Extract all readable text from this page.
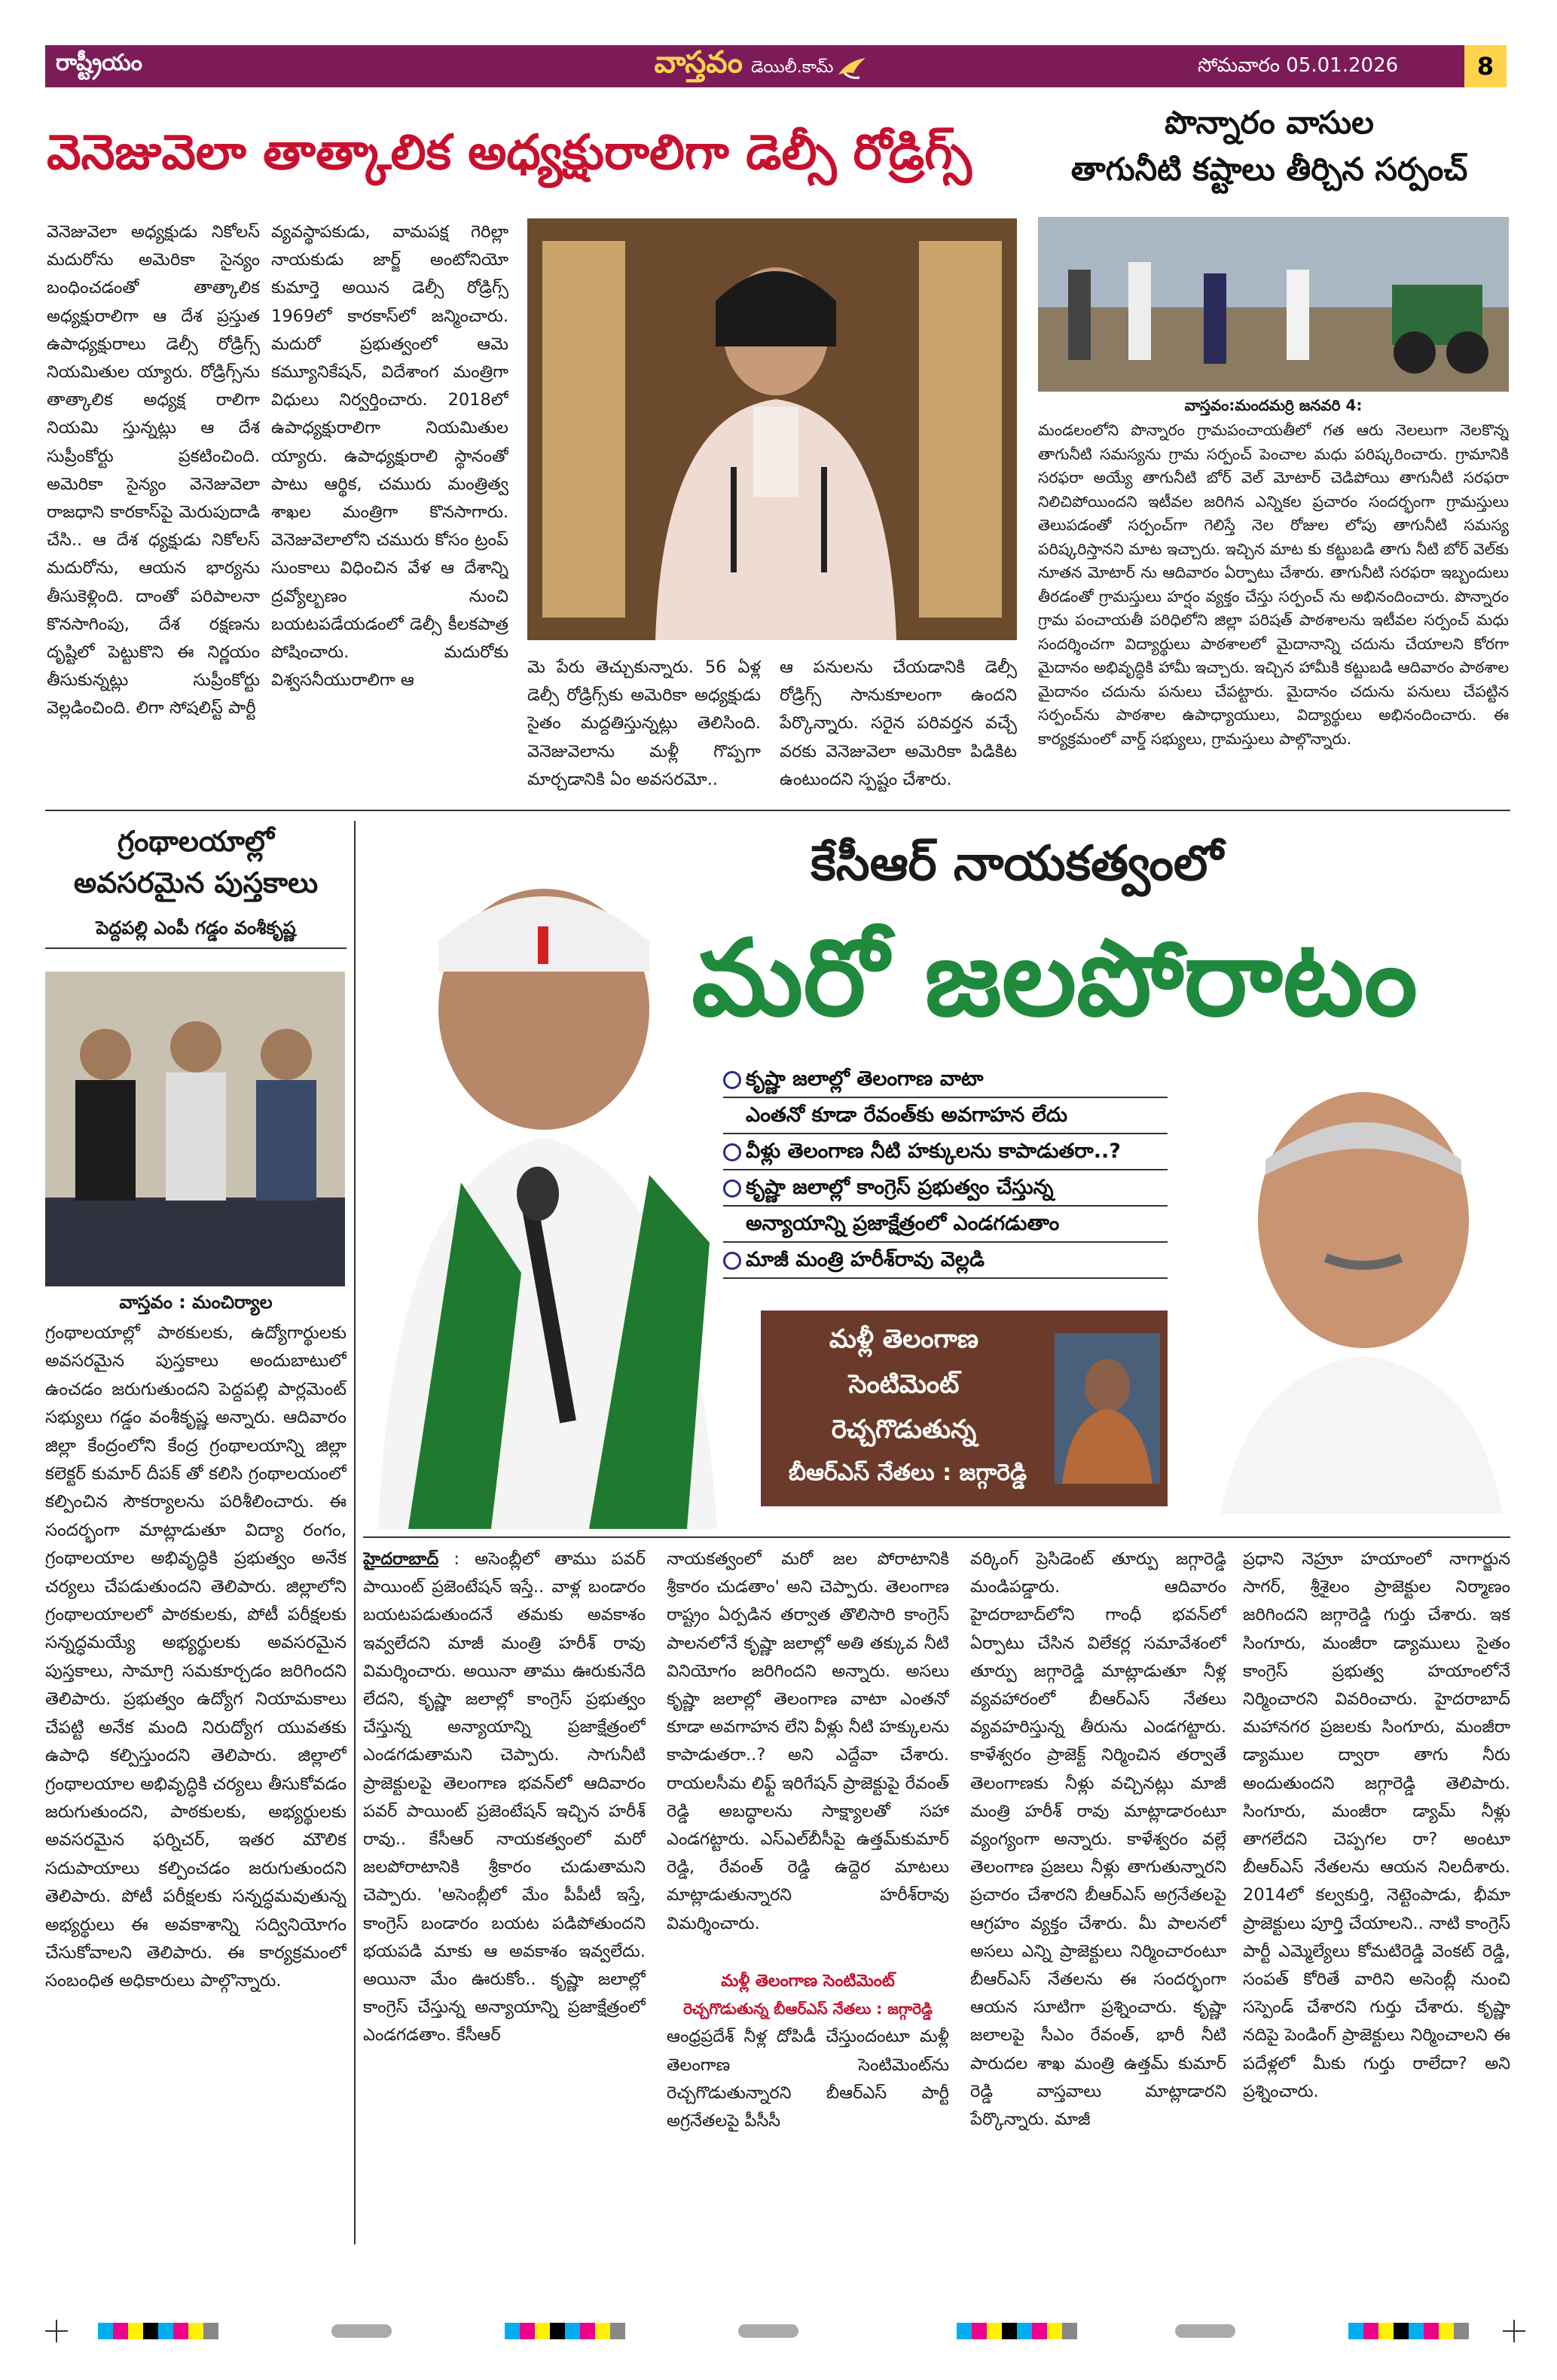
రాష్ట్రీయం	వాస్తవం డెయిలీ.కామ్	సోమవారం 05.01.2026	8
వెనెజువెలా తాత్కాలిక అధ్యక్షురాలిగా డెల్సీ రోడ్రిగ్స్
వెనెజువెలా అధ్యక్షుడు నికోలస్ మదురోను అమెరికా సైన్యం బంధించడంతో తాత్కాలిక అధ్యక్షురాలిగా ఆ దేశ ప్రస్తుత ఉపాధ్యక్షురాలు డెల్సీ రోడ్రిగ్స్ నియమితుల య్యారు. రోడ్రిగ్స్‌ను తాత్కాలిక అధ్యక్ష రాలిగా నియమి స్తున్నట్లు ఆ దేశ సుప్రీంకోర్టు ప్రకటించింది. అమెరికా సైన్యం వెనెజువెలా రాజధాని కారకాస్‌పై మెరుపుదాడి చేసి.. ఆ దేశ ధ్యక్షుడు నికోలస్ మదురోను, ఆయన భార్యను తీసుకెళ్లింది. దాంతో పరిపాలనా కొనసాగింపు, దేశ రక్షణను దృష్టిలో పెట్టుకొని ఈ నిర్ణయం తీసుకున్నట్లు సుప్రీంకోర్టు వెల్లడించింది. లిగా సోషలిస్ట్ పార్టీ
వ్యవస్థాపకుడు, వామపక్ష గెరిల్లా నాయకుడు జార్జ్ అంటోనియో కుమార్తె అయిన డెల్సీ రోడ్రిగ్స్ 1969లో కారకాస్‌లో జన్మించారు. మదురో ప్రభుత్వంలో ఆమె కమ్యూనికేషన్, విదేశాంగ మంత్రిగా విధులు నిర్వర్తించారు. 2018లో ఉపాధ్యక్షురాలిగా నియమితుల య్యారు. ఉపాధ్యక్షురాలి స్థానంతో పాటు ఆర్థిక, చమురు మంత్రిత్వ శాఖల మంత్రిగా కొనసాగారు. వెనెజువెలాలోని చమురు కోసం ట్రంప్ సుంకాలు విధించిన వేళ ఆ దేశాన్ని ద్రవ్యోల్బణం నుంచి బయటపడేయడంలో డెల్సీ కీలకపాత్ర పోషించారు. మదురోకు విశ్వసనీయురాలిగా ఆ
మె పేరు తెచ్చుకున్నారు. 56 ఏళ్ల డెల్సీ రోడ్రిగ్స్‌కు అమెరికా అధ్యక్షుడు సైతం మద్దతిస్తున్నట్లు తెలిసింది. వెనెజువెలాను మళ్లీ గొప్పగా మార్చడానికి ఏం అవసరమో..
ఆ పనులను చేయడానికి డెల్సీ రోడ్రిగ్స్ సానుకూలంగా ఉందని పేర్కొన్నారు. సరైన పరివర్తన వచ్చే వరకు వెనెజువెలా అమెరికా పిడికిట ఉంటుందని స్పష్టం చేశారు.
పొన్నారం వాసుల
తాగునీటి కష్టాలు తీర్చిన సర్పంచ్
వాస్తవం:మందమర్రి జనవరి 4:
మండలంలోని పొన్నారం గ్రామపంచాయతీలో గత ఆరు నెలలుగా నెలకొన్న తాగునీటి సమస్యను గ్రామ సర్పంచ్ పెంచాల మధు పరిష్కరించారు. గ్రామానికి సరఫరా అయ్యే తాగునీటి బోర్ వెల్ మోటార్ చెడిపోయి తాగునీటి సరఫరా నిలిచిపోయిందని ఇటీవల జరిగిన ఎన్నికల ప్రచారం సందర్భంగా గ్రామస్తులు తెలుపడంతో సర్పంచ్‌గా గెలిస్తే నెల రోజుల లోపు తాగునీటి సమస్య పరిష్కరిస్తానని మాట ఇచ్చారు. ఇచ్చిన మాట కు కట్టుబడి తాగు నీటి బోర్ వెల్‌కు నూతన మోటార్ ను ఆదివారం ఏర్పాటు చేశారు. తాగునీటి సరఫరా ఇబ్బందులు తీరడంతో గ్రామస్తులు హర్షం వ్యక్తం చేస్తు సర్పంచ్ ను అభినందించారు. పొన్నారం గ్రామ పంచాయతీ పరిధిలోని జిల్లా పరిషత్ పాఠశాలను ఇటీవల సర్పంచ్ మధు సందర్శించగా విద్యార్థులు పాఠశాలలో మైదానాన్ని చదును చేయాలని కోరగా మైదానం అభివృద్ధికి హామీ ఇచ్చారు. ఇచ్చిన హామీకి కట్టుబడి ఆదివారం పాఠశాల మైదానం చదును పనులు చేపట్టారు. మైదానం చదును పనులు చేపట్టిన సర్పంచ్‌ను పాఠశాల ఉపాధ్యాయులు, విద్యార్థులు అభినందించారు. ఈ కార్యక్రమంలో వార్డ్ సభ్యులు, గ్రామస్తులు పాల్గొన్నారు.
గ్రంథాలయాల్లో
అవసరమైన పుస్తకాలు
పెద్దపల్లి ఎంపీ గడ్డం వంశీకృష్ణ
వాస్తవం : మంచిర్యాల
గ్రంథాలయాల్లో పాఠకులకు, ఉద్యోగార్థులకు అవసరమైన పుస్తకాలు అందుబాటులో ఉంచడం జరుగుతుందని పెద్దపల్లి పార్లమెంట్ సభ్యులు గడ్డం వంశీకృష్ణ అన్నారు. ఆదివారం జిల్లా కేంద్రంలోని కేంద్ర గ్రంథాలయాన్ని జిల్లా కలెక్టర్ కుమార్ దీపక్ తో కలిసి గ్రంథాలయంలో కల్పించిన సౌకర్యాలను పరిశీలించారు. ఈ సందర్భంగా మాట్లాడుతూ విద్యా రంగం, గ్రంథాలయాల అభివృద్ధికి ప్రభుత్వం అనేక చర్యలు చేపడుతుందని తెలిపారు. జిల్లాలోని గ్రంథాలయాలలో పాఠకులకు, పోటీ పరీక్షలకు సన్నద్ధమయ్యే అభ్యర్థులకు అవసరమైన పుస్తకాలు, సామాగ్రి సమకూర్చడం జరిగిందని తెలిపారు. ప్రభుత్వం ఉద్యోగ నియామకాలు చేపట్టి అనేక మంది నిరుద్యోగ యువతకు ఉపాధి కల్పిస్తుందని తెలిపారు. జిల్లాలో గ్రంథాలయాల అభివృద్ధికి చర్యలు తీసుకోవడం జరుగుతుందని, పాఠకులకు, అభ్యర్థులకు అవసరమైన ఫర్నిచర్, ఇతర మౌలిక సదుపాయాలు కల్పించడం జరుగుతుందని తెలిపారు. పోటీ పరీక్షలకు సన్నద్ధమవుతున్న అభ్యర్థులు ఈ అవకాశాన్ని సద్వినియోగం చేసుకోవాలని తెలిపారు. ఈ కార్యక్రమంలో సంబంధిత అధికారులు పాల్గొన్నారు.
కేసీఆర్ నాయకత్వంలో
మరో జలపోరాటం
కృష్ణా జలాల్లో తెలంగాణ వాటా
ఎంతనో కూడా రేవంత్‌కు అవగాహన లేదు
వీళ్లు తెలంగాణ నీటి హక్కులను కాపాడుతరా..?
కృష్ణా జలాల్లో కాంగ్రెస్ ప్రభుత్వం చేస్తున్న
అన్యాయాన్ని ప్రజాక్షేత్రంలో ఎండగడుతాం
మాజీ మంత్రి హరీశ్‌రావు వెల్లడి
మళ్లీ తెలంగాణ
సెంటిమెంట్
రెచ్చగొడుతున్న
బీఆర్‌ఎస్ నేతలు : జగ్గారెడ్డి
హైదరాబాద్ : అసెంబ్లీలో తాము పవర్ పాయింట్ ప్రజెంటేషన్ ఇస్తే.. వాళ్ల బండారం బయటపడుతుందనే తమకు అవకాశం ఇవ్వలేదని మాజీ మంత్రి హరీశ్ రావు విమర్శించారు. అయినా తాము ఊరుకునేది లేదని, కృష్ణా జలాల్లో కాంగ్రెస్ ప్రభుత్వం చేస్తున్న అన్యాయాన్ని ప్రజాక్షేత్రంలో ఎండగడుతామని చెప్పారు. సాగునీటి ప్రాజెక్టులపై తెలంగాణ భవన్‌లో ఆదివారం పవర్ పాయింట్ ప్రజెంటేషన్ ఇచ్చిన హరీశ్ రావు.. కేసీఆర్ నాయకత్వంలో మరో జలపోరాటానికి శ్రీకారం చుడుతామని చెప్పారు. 'అసెంబ్లీలో మేం పీపీటీ ఇస్తే, కాంగ్రెస్ బండారం బయట పడిపోతుందని భయపడి మాకు ఆ అవకాశం ఇవ్వలేదు. అయినా మేం ఊరుకోం.. కృష్ణా జలాల్లో కాంగ్రెస్ చేస్తున్న అన్యాయాన్ని ప్రజాక్షేత్రంలో ఎండగడతాం. కేసీఆర్
నాయకత్వంలో మరో జల పోరాటానికి శ్రీకారం చుడతాం' అని చెప్పారు. తెలంగాణ రాష్ట్రం ఏర్పడిన తర్వాత తొలిసారి కాంగ్రెస్ పాలనలోనే కృష్ణా జలాల్లో అతి తక్కువ నీటి వినియోగం జరిగిందని అన్నారు. అసలు కృష్ణా జలాల్లో తెలంగాణ వాటా ఎంతనో కూడా అవగాహన లేని వీళ్లు నీటి హక్కులను కాపాడుతరా..? అని ఎద్దేవా చేశారు. రాయలసీమ లిఫ్ట్ ఇరిగేషన్ ప్రాజెక్టుపై రేవంత్ రెడ్డి అబద్ధాలను సాక్ష్యాలతో సహా ఎండగట్టారు. ఎస్‌ఎల్‌బీసీపై ఉత్తమ్‌కుమార్ రెడ్డి, రేవంత్ రెడ్డి ఉద్దెర మాటలు మాట్లాడుతున్నారని హరీశ్‌రావు విమర్శించారు.
మళ్లీ తెలంగాణ సెంటిమెంట్
రెచ్చగొడుతున్న బీఆర్‌ఎస్ నేతలు : జగ్గారెడ్డి
ఆంధ్రప్రదేశ్ నీళ్ల దోపిడీ చేస్తుందంటూ మళ్లీ తెలంగాణ సెంటిమెంట్‌ను రెచ్చగొడుతున్నారని బీఆర్‌ఎస్ పార్టీ అగ్రనేతలపై పీసీసీ
వర్కింగ్ ప్రెసిడెంట్ తూర్పు జగ్గారెడ్డి మండిపడ్డారు. ఆదివారం హైదరాబాద్‌లోని గాంధీ భవన్‌లో ఏర్పాటు చేసిన విలేకర్ల సమావేశంలో తూర్పు జగ్గారెడ్డి మాట్లాడుతూ నీళ్ల వ్యవహారంలో బీఆర్‌ఎస్ నేతలు వ్యవహరిస్తున్న తీరును ఎండగట్టారు. కాళేశ్వరం ప్రాజెక్ట్ నిర్మించిన తర్వాతే తెలంగాణకు నీళ్లు వచ్చినట్లు మాజీ మంత్రి హరీశ్ రావు మాట్లాడారంటూ వ్యంగ్యంగా అన్నారు. కాళేశ్వరం వల్లే తెలంగాణ ప్రజలు నీళ్లు తాగుతున్నారని ప్రచారం చేశారని బీఆర్‌ఎస్ అగ్రనేతలపై ఆగ్రహం వ్యక్తం చేశారు. మీ పాలనలో అసలు ఎన్ని ప్రాజెక్టులు నిర్మించారంటూ బీఆర్‌ఎస్ నేతలను ఈ సందర్భంగా ఆయన సూటిగా ప్రశ్నించారు. కృష్ణా జలాలపై సీఎం రేవంత్, భారీ నీటి పారుదల శాఖ మంత్రి ఉత్తమ్ కుమార్ రెడ్డి వాస్తవాలు మాట్లాడారని పేర్కొన్నారు. మాజీ
ప్రధాని నెహ్రూ హయాంలో నాగార్జున సాగర్, శ్రీశైలం ప్రాజెక్టుల నిర్మాణం జరిగిందని జగ్గారెడ్డి గుర్తు చేశారు. ఇక సింగూరు, మంజీరా డ్యాములు సైతం కాంగ్రెస్ ప్రభుత్వ హయాంలోనే నిర్మించారని వివరించారు. హైదరాబాద్ మహానగర ప్రజలకు సింగూరు, మంజీరా డ్యాముల ద్వారా తాగు నీరు అందుతుందని జగ్గారెడ్డి తెలిపారు. సింగూరు, మంజీరా డ్యామ్ నీళ్లు తాగలేదని చెప్పగల రా? అంటూ బీఆర్‌ఎస్ నేతలను ఆయన నిలదీశారు. 2014లో కల్వకుర్తి, నెట్టెంపాడు, భీమా ప్రాజెక్టులు పూర్తి చేయాలని.. నాటి కాంగ్రెస్ పార్టీ ఎమ్మెల్యేలు కోమటిరెడ్డి వెంకట్ రెడ్డి, సంపత్ కోరితే వారిని అసెంబ్లీ నుంచి సస్పెండ్ చేశారని గుర్తు చేశారు. కృష్ణా నదిపై పెండింగ్ ప్రాజెక్టులు నిర్మించాలని ఈ పదేళ్లలో మీకు గుర్తు రాలేదా? అని ప్రశ్నించారు.
